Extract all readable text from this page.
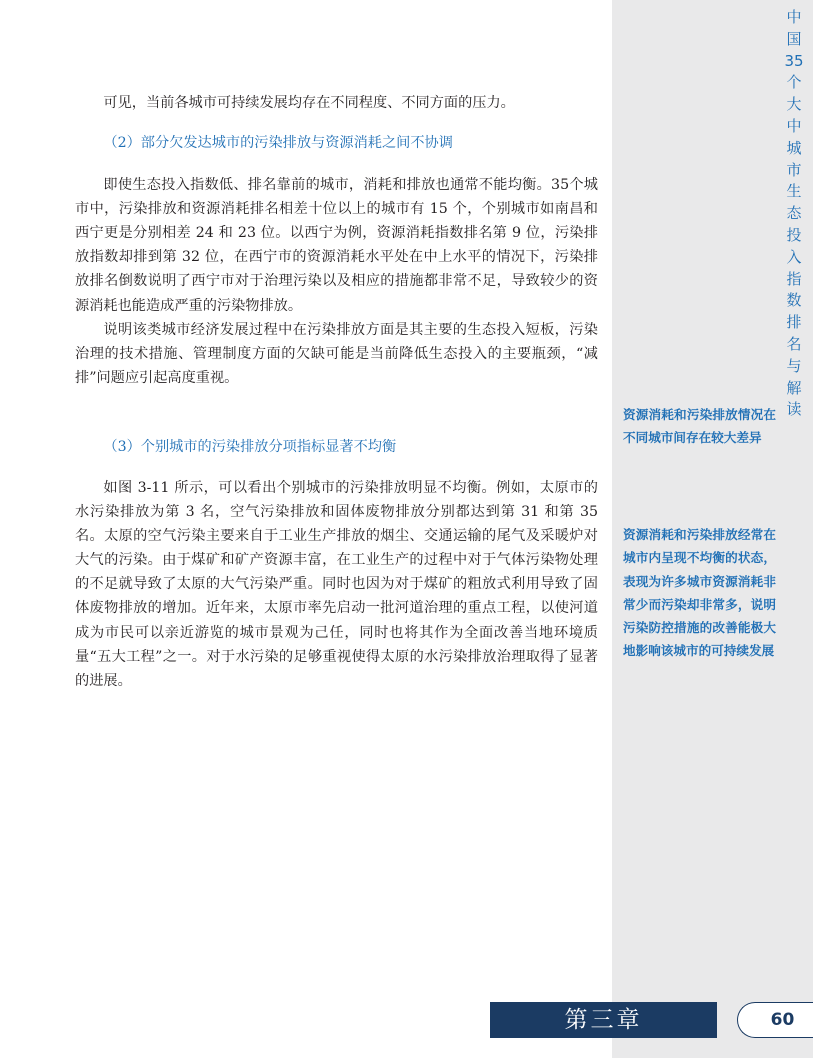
可见，当前各城市可持续发展均存在不同程度、不同方面的压力。

（2）部分欠发达城市的污染排放与资源消耗之间不协调

即使生态投入指数低、排名靠前的城市，消耗和排放也通常不能均衡。35个城市中，污染排放和资源消耗排名相差十位以上的城市有 15 个，个别城市如南昌和西宁更是分别相差 24 和 23 位。以西宁为例，资源消耗指数排名第 9 位，污染排放指数却排到第 32 位，在西宁市的资源消耗水平处在中上水平的情况下，污染排放排名倒数说明了西宁市对于治理污染以及相应的措施都非常不足，导致较少的资源消耗也能造成严重的污染物排放。

说明该类城市经济发展过程中在污染排放方面是其主要的生态投入短板，污染治理的技术措施、管理制度方面的欠缺可能是当前降低生态投入的主要瓶颈，“减排”问题应引起高度重视。

（3）个别城市的污染排放分项指标显著不均衡

如图 3-11 所示，可以看出个别城市的污染排放明显不均衡。例如，太原市的水污染排放为第 3 名，空气污染排放和固体废物排放分别都达到第 31 和第 35 名。太原的空气污染主要来自于工业生产排放的烟尘、交通运输的尾气及采暖炉对大气的污染。由于煤矿和矿产资源丰富，在工业生产的过程中对于气体污染物处理的不足就导致了太原的大气污染严重。同时也因为对于煤矿的粗放式利用导致了固体废物排放的增加。近年来，太原市率先启动一批河道治理的重点工程，以使河道成为市民可以亲近游览的城市景观为己任，同时也将其作为全面改善当地环境质量“五大工程”之一。对于水污染的足够重视使得太原的水污染排放治理取得了显著的进展。

中国35个大中城市生态投入指数排名与解读

资源消耗和污染排放情况在不同城市间存在较大差异

资源消耗和污染排放经常在城市内呈现不均衡的状态，表现为许多城市资源消耗非常少而污染却非常多，说明污染防控措施的改善能极大地影响该城市的可持续发展

第三章	60
